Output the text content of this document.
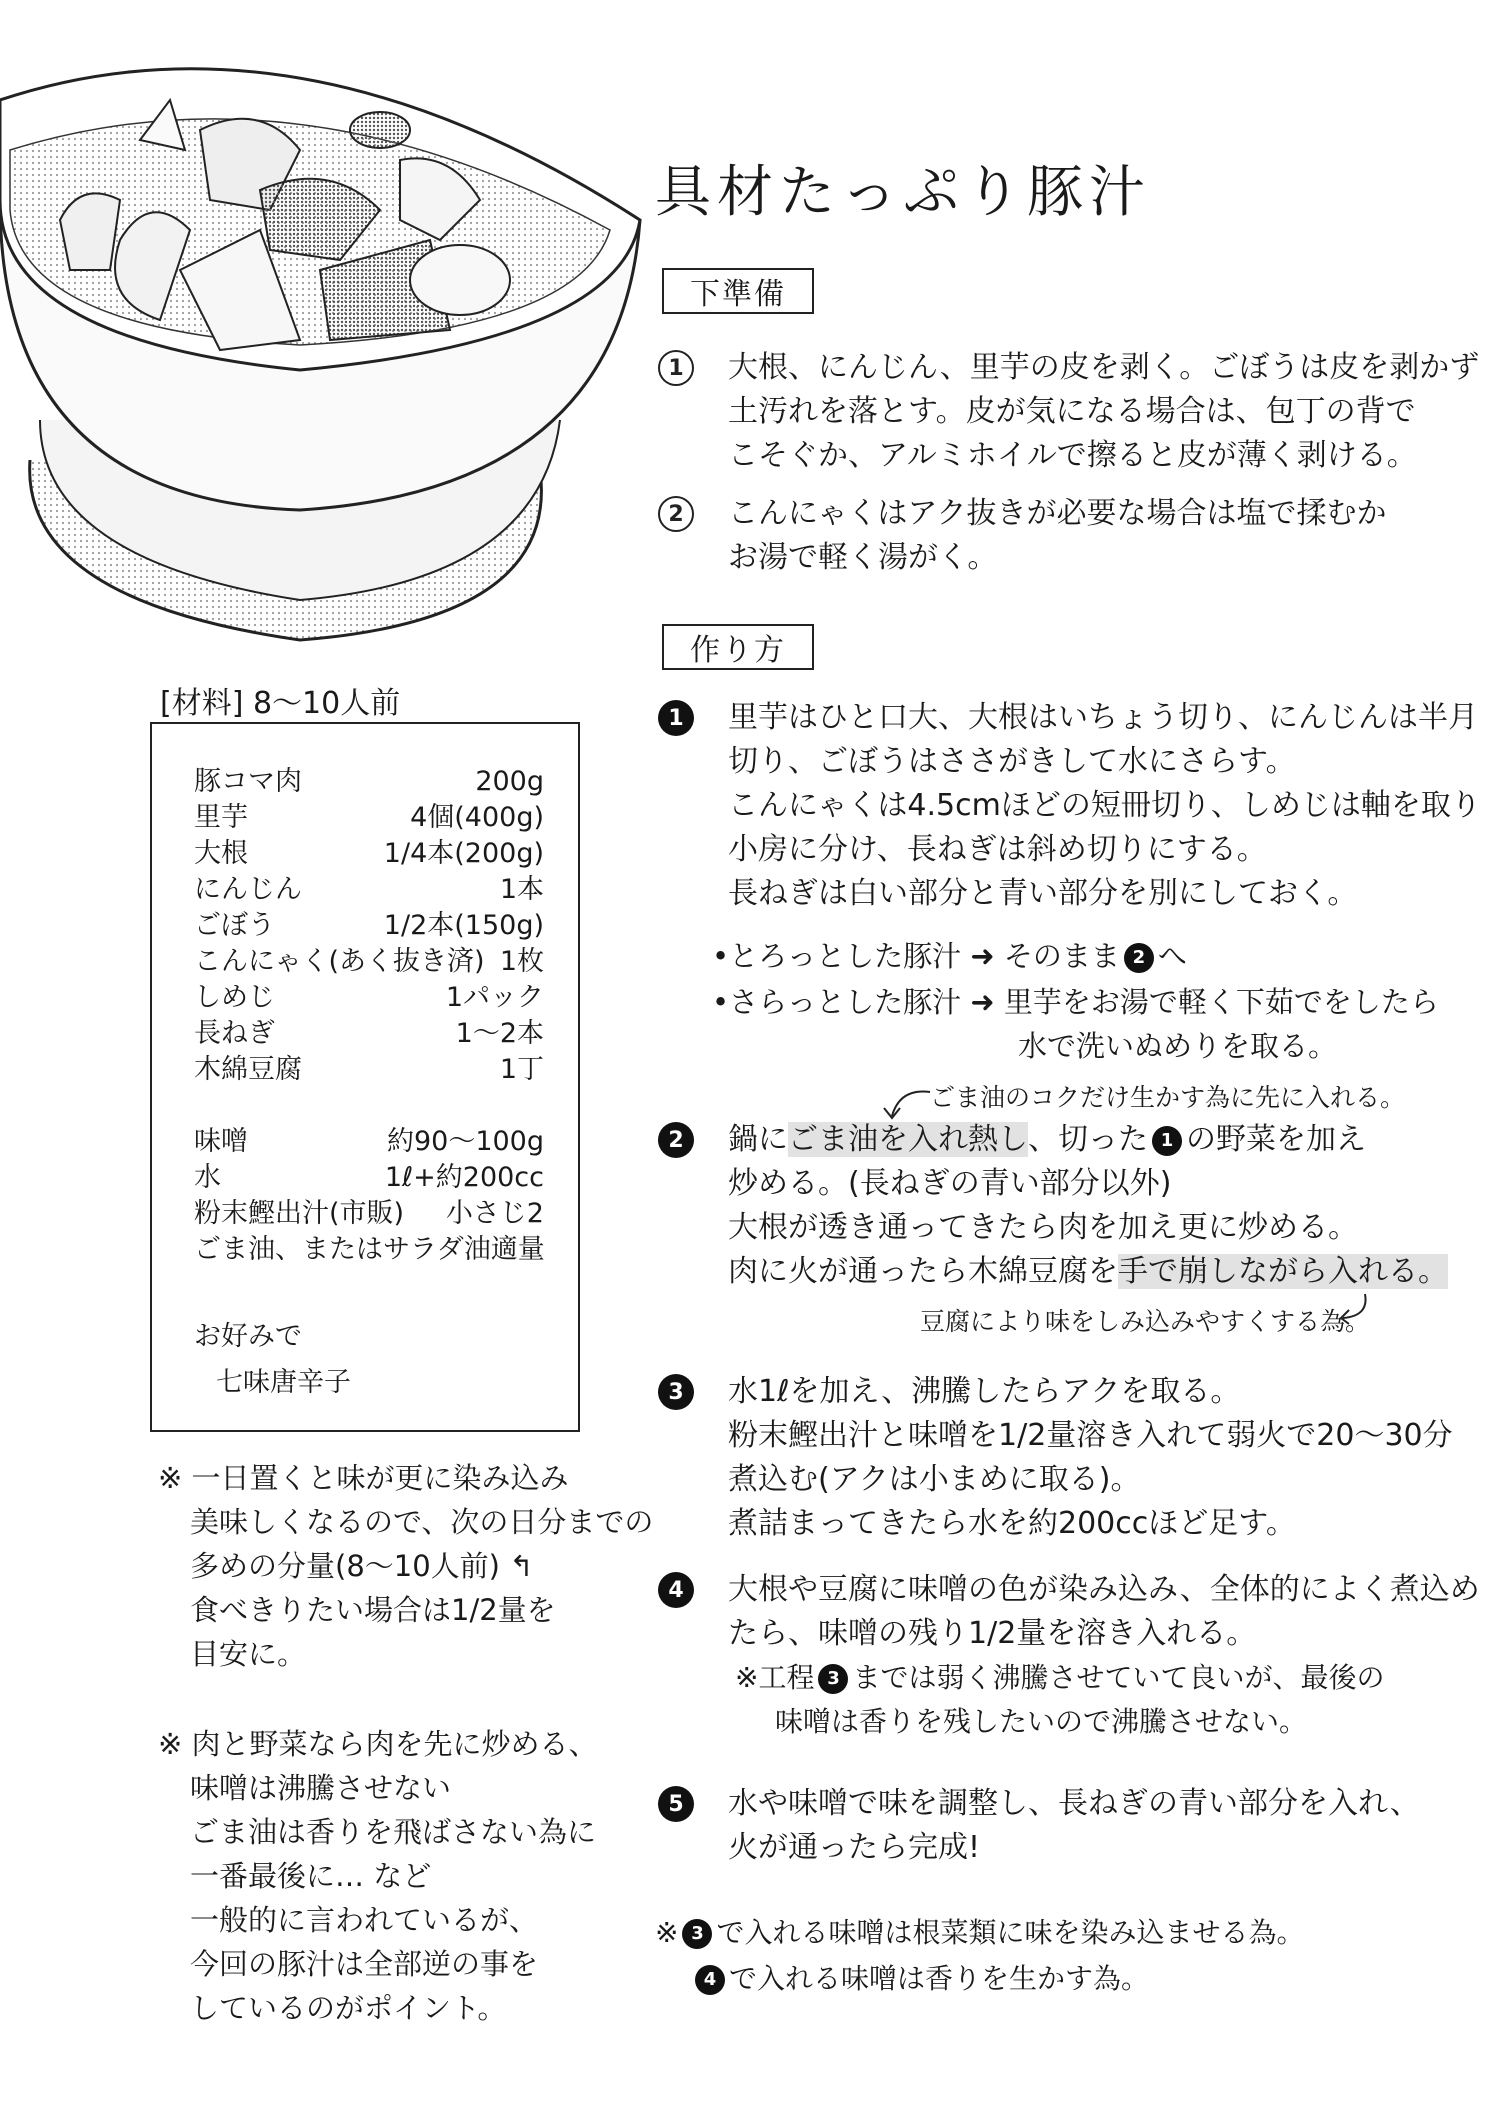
具材たっぷり豚汁
下準備
1	大根、にんじん、里芋の皮を剥く。ごぼうは皮を剥かず
土汚れを落とす。皮が気になる場合は、包丁の背で
こそぐか、アルミホイルで擦ると皮が薄く剥ける。
2	こんにゃくはアク抜きが必要な場合は塩で揉むか
お湯で軽く湯がく。
作り方
1	里芋はひと口大、大根はいちょう切り、にんじんは半月
切り、ごぼうはささがきして水にさらす。
こんにゃくは4.5cmほどの短冊切り、しめじは軸を取り
小房に分け、長ねぎは斜め切りにする。
長ねぎは白い部分と青い部分を別にしておく。
•とろっとした豚汁 ➜ そのまま 2 へ
•さらっとした豚汁 ➜ 里芋をお湯で軽く下茹でをしたら
水で洗いぬめりを取る。
ごま油のコクだけ生かす為に先に入れる。
2	鍋にごま油を入れ熱し、切った 1 の野菜を加え
炒める。(長ねぎの青い部分以外)
大根が透き通ってきたら肉を加え更に炒める。
肉に火が通ったら木綿豆腐を手で崩しながら入れる。
豆腐により味をしみ込みやすくする為。
3	水1ℓを加え、沸騰したらアクを取る。
粉末鰹出汁と味噌を1/2量溶き入れて弱火で20〜30分
煮込む(アクは小まめに取る)。
煮詰まってきたら水を約200ccほど足す。
4	大根や豆腐に味噌の色が染み込み、全体的によく煮込め
たら、味噌の残り1/2量を溶き入れる。
※工程 3 までは弱く沸騰させていて良いが、最後の
味噌は香りを残したいので沸騰させない。
5	水や味噌で味を調整し、長ねぎの青い部分を入れ、
火が通ったら完成!
※ 3 で入れる味噌は根菜類に味を染み込ませる為。
4 で入れる味噌は香りを生かす為。
[材料] 8〜10人前
豚コマ肉	200g
里芋	4個(400g)
大根	1/4本(200g)
にんじん	1本
ごぼう	1/2本(150g)
こんにゃく(あく抜き済) 1枚
しめじ	1パック
長ねぎ	1〜2本
木綿豆腐	1丁
味噌	約90〜100g
水	1ℓ+約200cc
粉末鰹出汁(市販) 小さじ2
ごま油、またはサラダ油 適量
お好みで
七味唐辛子
※ 一日置くと味が更に染み込み
美味しくなるので、次の日分までの
多めの分量(8〜10人前) ↰
食べきりたい場合は1/2量を
目安に。
※ 肉と野菜なら肉を先に炒める、
味噌は沸騰させない
ごま油は香りを飛ばさない為に
一番最後に… など
一般的に言われているが、
今回の豚汁は全部逆の事を
しているのがポイント。
